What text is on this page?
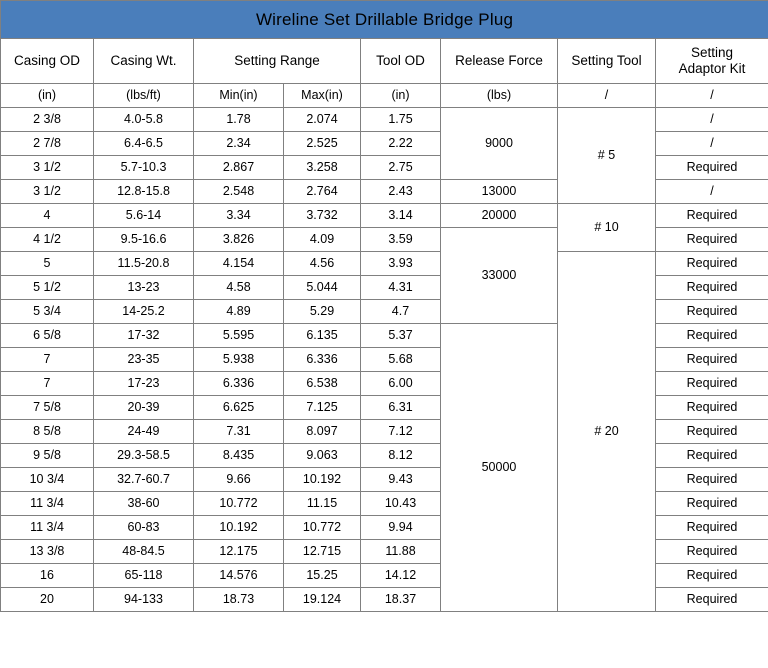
Wireline Set Drillable Bridge Plug							
Casing OD	Casing Wt.	Setting Range		Tool OD	Release Force	Setting Tool	Setting
Adaptor Kit
(in)	(lbs/ft)	Min(in)	Max(in)	(in)	(lbs)	/	/
2 3/8	4.0-5.8	1.78	2.074	1.75	9000	# 5	/
2 7/8	6.4-6.5	2.34	2.525	2.22			/
3 1/2	5.7-10.3	2.867	3.258	2.75			Required
3 1/2	12.8-15.8	2.548	2.764	2.43	13000		/
4	5.6-14	3.34	3.732	3.14	20000	# 10	Required
4 1/2	9.5-16.6	3.826	4.09	3.59	33000		Required
5	11.5-20.8	4.154	4.56	3.93		# 20	Required
5 1/2	13-23	4.58	5.044	4.31			Required
5 3/4	14-25.2	4.89	5.29	4.7			Required
6 5/8	17-32	5.595	6.135	5.37	50000		Required
7	23-35	5.938	6.336	5.68			Required
7	17-23	6.336	6.538	6.00			Required
7 5/8	20-39	6.625	7.125	6.31			Required
8 5/8	24-49	7.31	8.097	7.12			Required
9 5/8	29.3-58.5	8.435	9.063	8.12			Required
10 3/4	32.7-60.7	9.66	10.192	9.43			Required
11 3/4	38-60	10.772	11.15	10.43			Required
11 3/4	60-83	10.192	10.772	9.94			Required
13 3/8	48-84.5	12.175	12.715	11.88			Required
16	65-118	14.576	15.25	14.12			Required
20	94-133	18.73	19.124	18.37			Required
